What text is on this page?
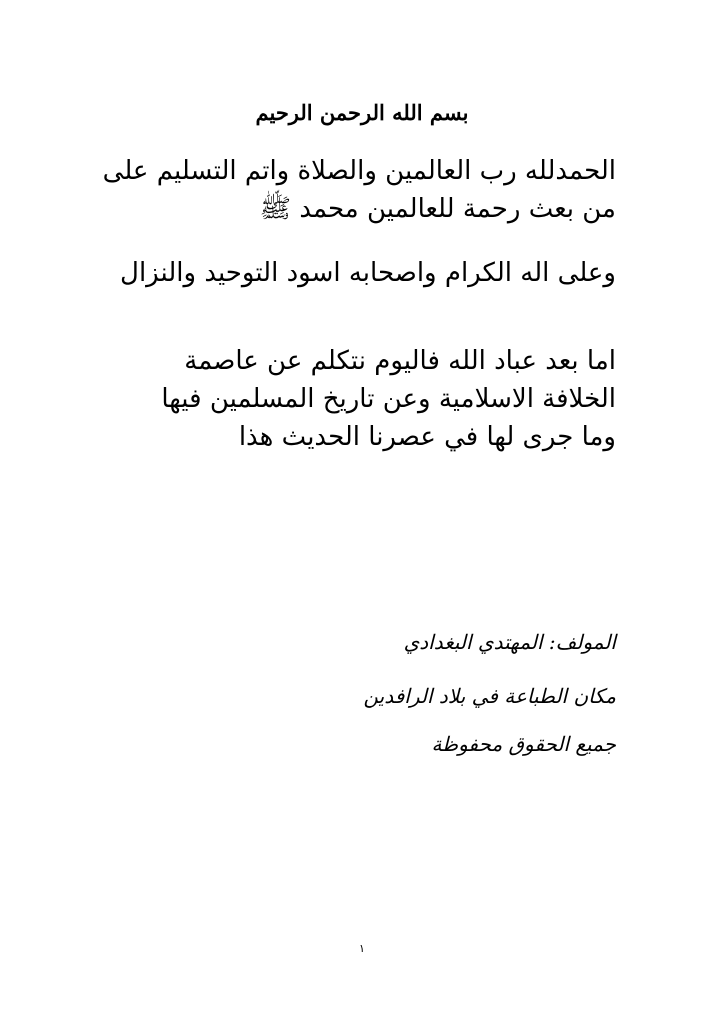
بسم الله الرحمن الرحيم
الحمدلله رب العالمين والصلاة واتم التسليم على من بعث رحمة للعالمين محمد ﷺ
وعلى اله الكرام واصحابه اسود التوحيد والنزال
اما بعد عباد الله فاليوم نتكلم عن عاصمة الخلافة الاسلامية وعن تاريخ المسلمين فيها وما جرى لها في عصرنا الحديث هذا
المولف: المهتدي البغدادي
مكان الطباعة في بلاد الرافدين
جميع الحقوق محفوظة
١
